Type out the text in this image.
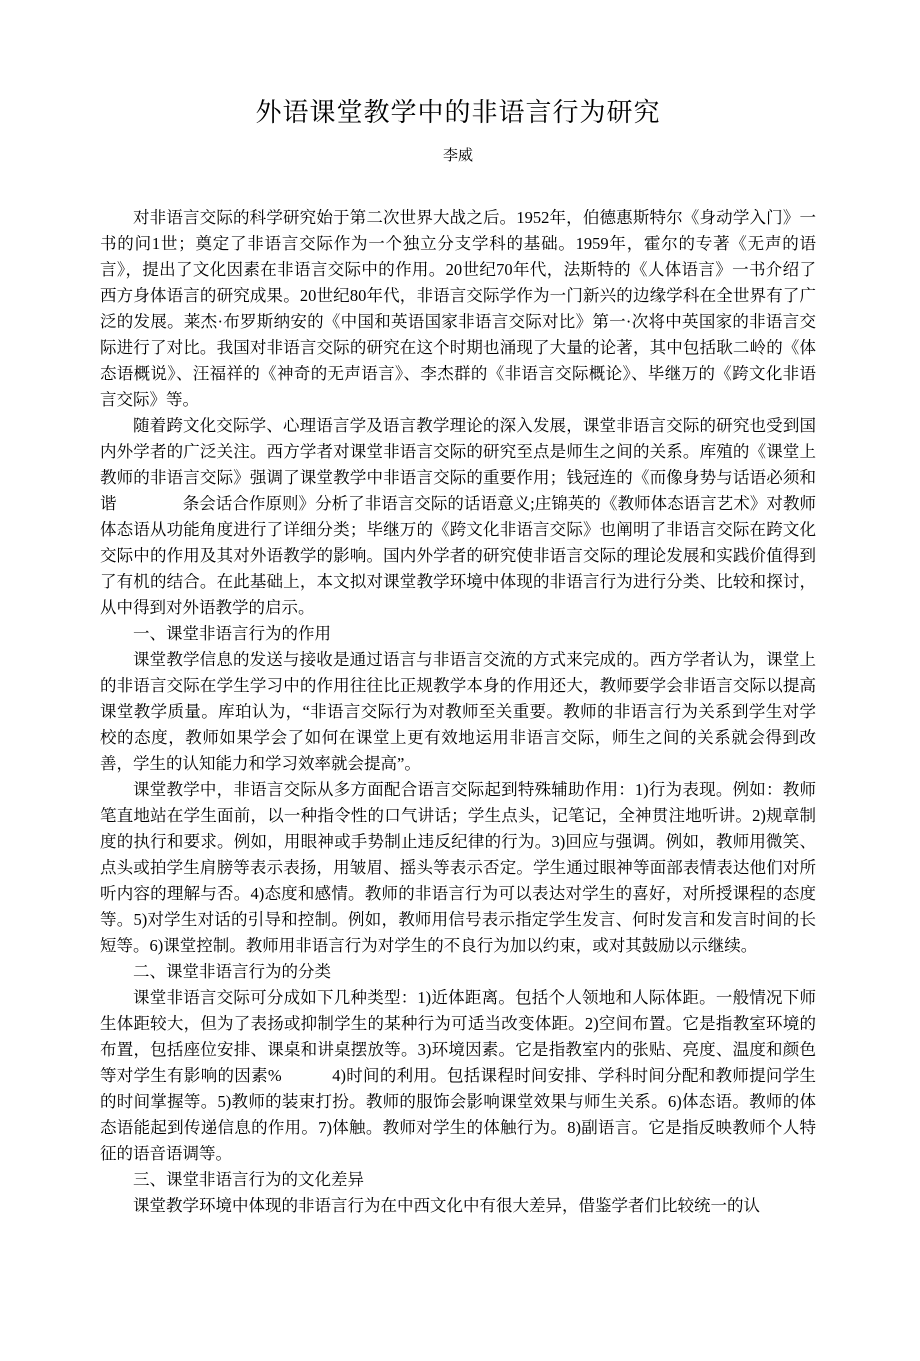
外语课堂教学中的非语言行为研究
李威

对非语言交际的科学研究始于第二次世界大战之后。1952年，伯德惠斯特尔《身动学入门》一书的问1世；奠定了非语言交际作为一个独立分支学科的基础。1959年，霍尔的专著《无声的语言》，提出了文化因素在非语言交际中的作用。20世纪70年代，法斯特的《人体语言》一书介绍了西方身体语言的研究成果。20世纪80年代，非语言交际学作为一门新兴的边缘学科在全世界有了广泛的发展。莱杰·布罗斯纳安的《中国和英语国家非语言交际对比》第一·次将中英国家的非语言交际进行了对比。我国对非语言交际的研究在这个时期也涌现了大量的论著，其中包括耿二岭的《体态语概说》、汪福祥的《神奇的无声语言》、李杰群的《非语言交际概论》、毕继万的《跨文化非语言交际》等。

随着跨文化交际学、心理语言学及语言教学理论的深入发展，课堂非语言交际的研究也受到国内外学者的广泛关注。西方学者对课堂非语言交际的研究至点是师生之间的关系。库殖的《课堂上教师的非语言交际》强调了课堂教学中非语言交际的重要作用；钱冠连的《而像身势与话语必须和谐　　　　条会话合作原则》分析了非语言交际的话语意义;庄锦英的《教师体态语言艺术》对教师体态语从功能角度进行了详细分类；毕继万的《跨文化非语言交际》也阐明了非语言交际在跨文化交际中的作用及其对外语教学的影响。国内外学者的研究使非语言交际的理论发展和实践价值得到了有机的结合。在此基础上，本文拟对课堂教学环境中体现的非语言行为进行分类、比较和探讨，从中得到对外语教学的启示。

一、课堂非语言行为的作用

课堂教学信息的发送与接收是通过语言与非语言交流的方式来完成的。西方学者认为，课堂上的非语言交际在学生学习中的作用往往比正规教学本身的作用还大，教师要学会非语言交际以提高课堂教学质量。库珀认为，“非语言交际行为对教师至关重要。教师的非语言行为关系到学生对学校的态度，教师如果学会了如何在课堂上更有效地运用非语言交际，师生之间的关系就会得到改善，学生的认知能力和学习效率就会提高”。

课堂教学中，非语言交际从多方面配合语言交际起到特殊辅助作用：1)行为表现。例如：教师笔直地站在学生面前，以一种指令性的口气讲话；学生点头，记笔记，全神贯注地听讲。2)规章制度的执行和要求。例如，用眼神或手势制止违反纪律的行为。3)回应与强调。例如，教师用微笑、点头或拍学生肩膀等表示表扬，用皱眉、摇头等表示否定。学生通过眼神等面部表情表达他们对所听内容的理解与否。4)态度和感情。教师的非语言行为可以表达对学生的喜好，对所授课程的态度等。5)对学生对话的引导和控制。例如，教师用信号表示指定学生发言、何时发言和发言时间的长短等。6)课堂控制。教师用非语言行为对学生的不良行为加以约束，或对其鼓励以示继续。

二、课堂非语言行为的分类

课堂非语言交际可分成如下几种类型：1)近体距离。包括个人领地和人际体距。一般情况下师生体距较大，但为了表扬或抑制学生的某种行为可适当改变体距。2)空间布置。它是指教室环境的布置，包括座位安排、课桌和讲桌摆放等。3)环境因素。它是指教室内的张贴、亮度、温度和颜色等对学生有影响的因素%　　　4)时间的利用。包括课程时间安排、学科时间分配和教师提问学生的时间掌握等。5)教师的装束打扮。教师的服饰会影响课堂效果与师生关系。6)体态语。教师的体态语能起到传递信息的作用。7)体触。教师对学生的体触行为。8)副语言。它是指反映教师个人特征的语音语调等。

三、课堂非语言行为的文化差异

课堂教学环境中体现的非语言行为在中西文化中有很大差异，借鉴学者们比较统一的认
